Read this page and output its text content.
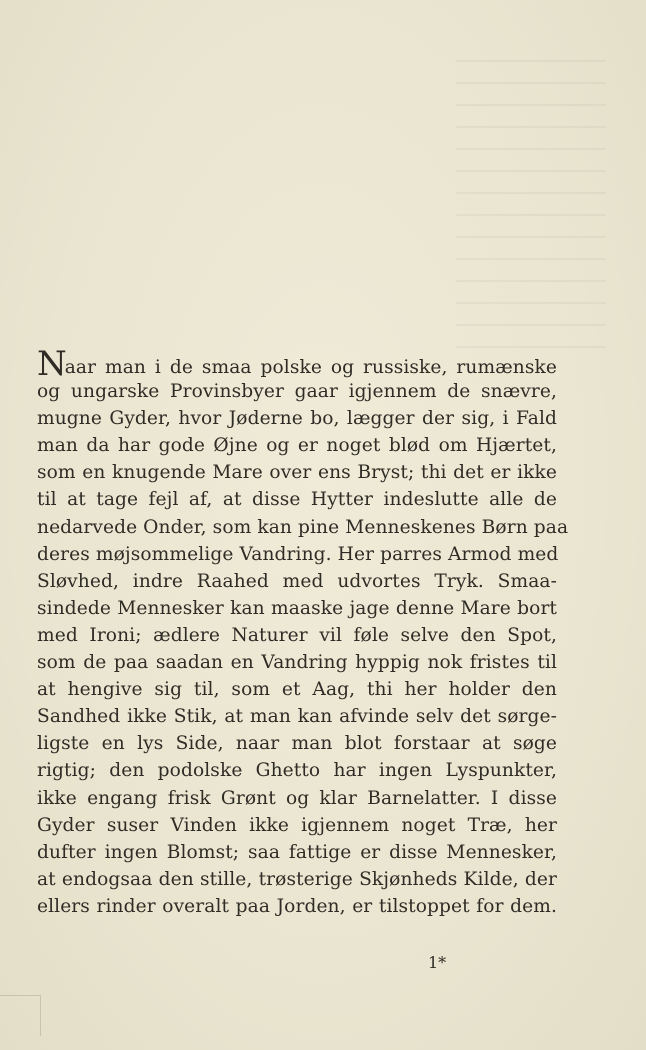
Naar man i de smaa polske og russiske, rumænske
og ungarske Provinsbyer gaar igjennem de snævre,
mugne Gyder, hvor Jøderne bo, lægger der sig, i Fald
man da har gode Øjne og er noget blød om Hjærtet,
som en knugende Mare over ens Bryst; thi det er ikke
til at tage fejl af, at disse Hytter indeslutte alle de
nedarvede Onder, som kan pine Menneskenes Børn paa
deres møjsommelige Vandring. Her parres Armod med
Sløvhed, indre Raahed med udvortes Tryk. Smaa-
sindede Mennesker kan maaske jage denne Mare bort
med Ironi; ædlere Naturer vil føle selve den Spot,
som de paa saadan en Vandring hyppig nok fristes til
at hengive sig til, som et Aag, thi her holder den
Sandhed ikke Stik, at man kan afvinde selv det sørge-
ligste en lys Side, naar man blot forstaar at søge
rigtig; den podolske Ghetto har ingen Lyspunkter,
ikke engang frisk Grønt og klar Barnelatter. I disse
Gyder suser Vinden ikke igjennem noget Træ, her
dufter ingen Blomst; saa fattige er disse Mennesker,
at endogsaa den stille, trøsterige Skjønheds Kilde, der
ellers rinder overalt paa Jorden, er tilstoppet for dem.
1*
